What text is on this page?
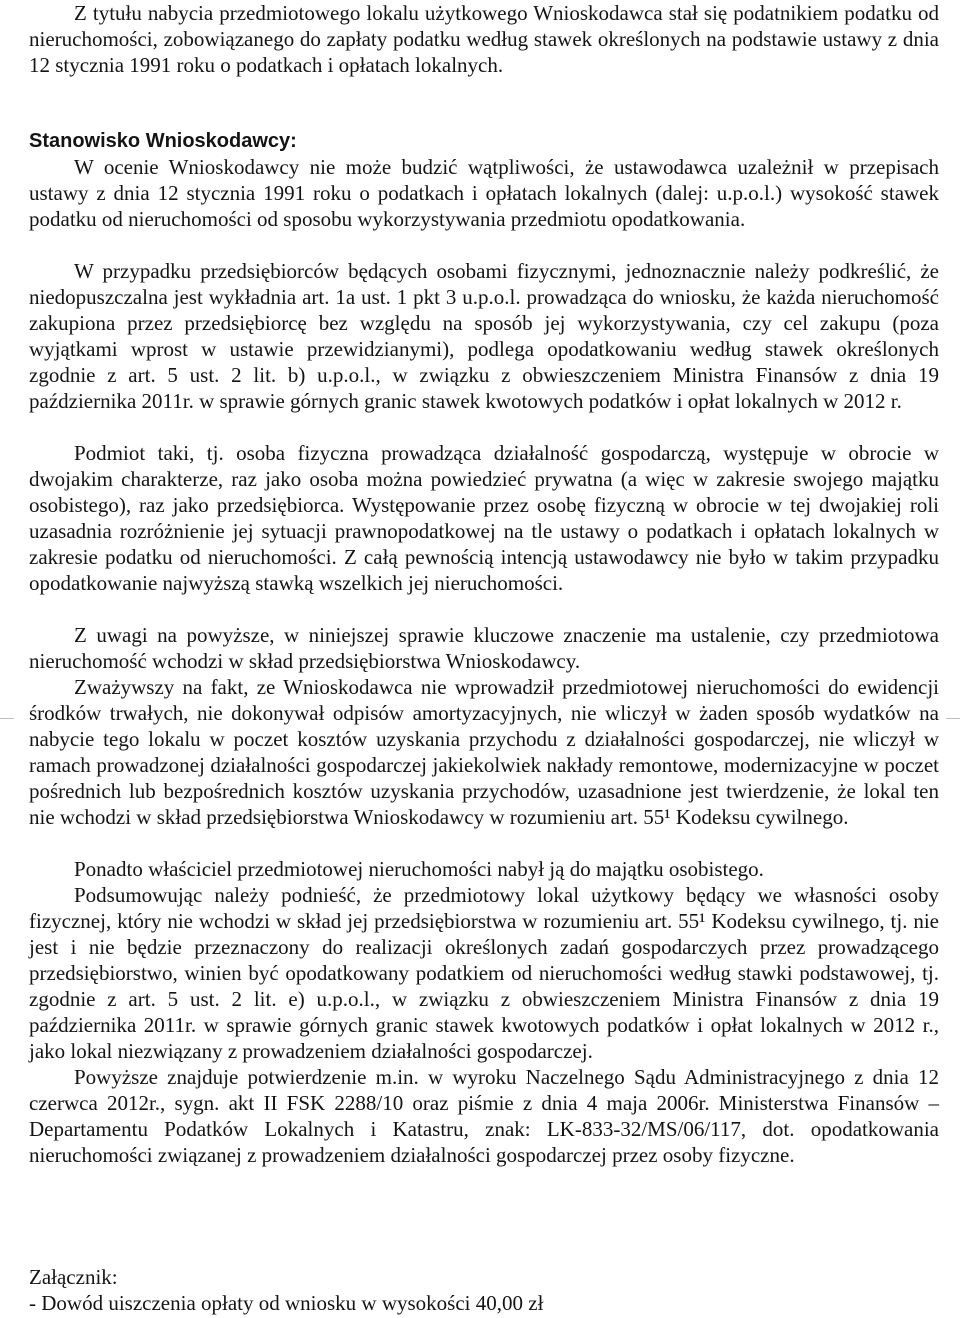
Z tytułu nabycia przedmiotowego lokalu użytkowego Wnioskodawca stał się podatnikiem podatku od nieruchomości, zobowiązanego do zapłaty podatku według stawek określonych na podstawie ustawy z dnia 12 stycznia 1991 roku o podatkach i opłatach lokalnych.

Stanowisko Wnioskodawcy:

W ocenie Wnioskodawcy nie może budzić wątpliwości, że ustawodawca uzależnił w przepisach ustawy z dnia 12 stycznia 1991 roku o podatkach i opłatach lokalnych (dalej: u.p.o.l.) wysokość stawek podatku od nieruchomości od sposobu wykorzystywania przedmiotu opodatkowania.

W przypadku przedsiębiorców będących osobami fizycznymi, jednoznacznie należy podkreślić, że niedopuszczalna jest wykładnia art. 1a ust. 1 pkt 3 u.p.o.l. prowadząca do wniosku, że każda nieruchomość zakupiona przez przedsiębiorcę bez względu na sposób jej wykorzystywania, czy cel zakupu (poza wyjątkami wprost w ustawie przewidzianymi), podlega opodatkowaniu według stawek określonych zgodnie z art. 5 ust. 2 lit. b) u.p.o.l., w związku z obwieszczeniem Ministra Finansów z dnia 19 października 2011r. w sprawie górnych granic stawek kwotowych podatków i opłat lokalnych w 2012 r.

Podmiot taki, tj. osoba fizyczna prowadząca działalność gospodarczą, występuje w obrocie w dwojakim charakterze, raz jako osoba można powiedzieć prywatna (a więc w zakresie swojego majątku osobistego), raz jako przedsiębiorca. Występowanie przez osobę fizyczną w obrocie w tej dwojakiej roli uzasadnia rozróżnienie jej sytuacji prawnopodatkowej na tle ustawy o podatkach i opłatach lokalnych w zakresie podatku od nieruchomości. Z całą pewnością intencją ustawodawcy nie było w takim przypadku opodatkowanie najwyższą stawką wszelkich jej nieruchomości.

Z uwagi na powyższe, w niniejszej sprawie kluczowe znaczenie ma ustalenie, czy przedmiotowa nieruchomość wchodzi w skład przedsiębiorstwa Wnioskodawcy.

Zważywszy na fakt, ze Wnioskodawca nie wprowadził przedmiotowej nieruchomości do ewidencji środków trwałych, nie dokonywał odpisów amortyzacyjnych, nie wliczył w żaden sposób wydatków na nabycie tego lokalu w poczet kosztów uzyskania przychodu z działalności gospodarczej, nie wliczył w ramach prowadzonej działalności gospodarczej jakiekolwiek nakłady remontowe, modernizacyjne w poczet pośrednich lub bezpośrednich kosztów uzyskania przychodów, uzasadnione jest twierdzenie, że lokal ten nie wchodzi w skład przedsiębiorstwa Wnioskodawcy w rozumieniu art. 55¹ Kodeksu cywilnego.

Ponadto właściciel przedmiotowej nieruchomości nabył ją do majątku osobistego.

Podsumowując należy podnieść, że przedmiotowy lokal użytkowy będący we własności osoby fizycznej, który nie wchodzi w skład jej przedsiębiorstwa w rozumieniu art. 55¹ Kodeksu cywilnego, tj. nie jest i nie będzie przeznaczony do realizacji określonych zadań gospodarczych przez prowadzącego przedsiębiorstwo, winien być opodatkowany podatkiem od nieruchomości według stawki podstawowej, tj. zgodnie z art. 5 ust. 2 lit. e) u.p.o.l., w związku z obwieszczeniem Ministra Finansów z dnia 19 października 2011r. w sprawie górnych granic stawek kwotowych podatków i opłat lokalnych w 2012 r., jako lokal niezwiązany z prowadzeniem działalności gospodarczej.

Powyższe znajduje potwierdzenie m.in. w wyroku Naczelnego Sądu Administracyjnego z dnia 12 czerwca 2012r., sygn. akt II FSK 2288/10 oraz piśmie z dnia 4 maja 2006r. Ministerstwa Finansów – Departamentu Podatków Lokalnych i Katastru, znak: LK-833-32/MS/06/117, dot. opodatkowania nieruchomości związanej z prowadzeniem działalności gospodarczej przez osoby fizyczne.

Załącznik:
- Dowód uiszczenia opłaty od wniosku w wysokości 40,00 zł
